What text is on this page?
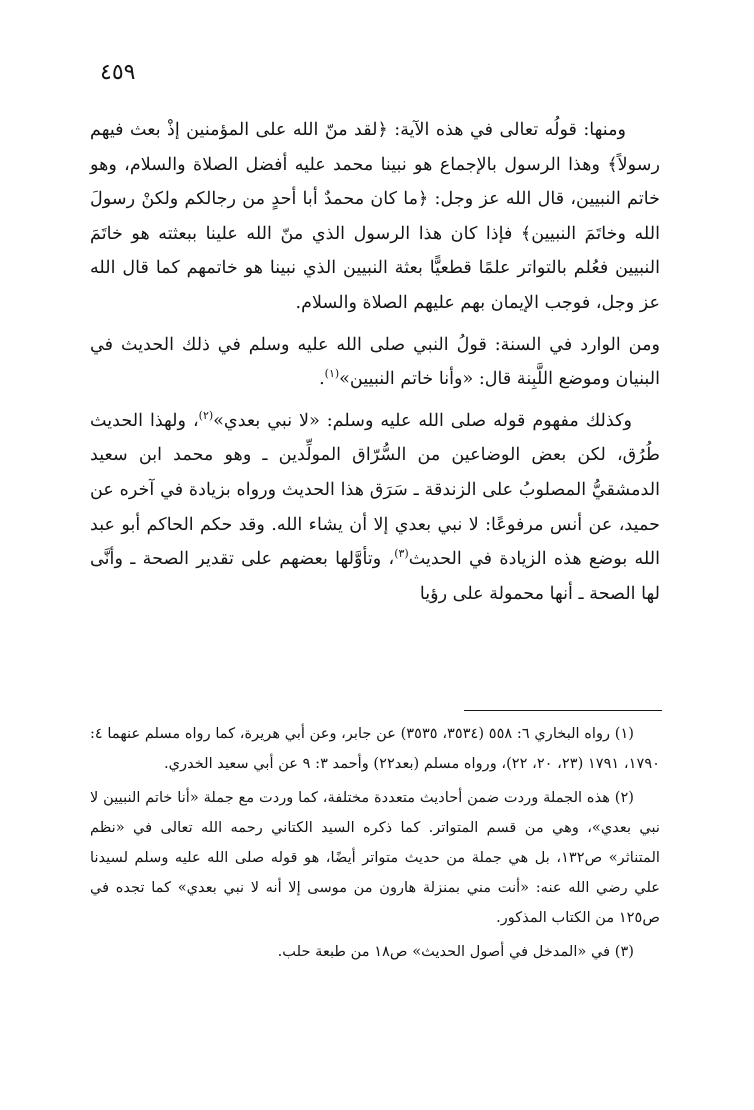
٤٥٩

ومنها: قولُه تعالى في هذه الآية: ﴿لقد منّ الله على المؤمنين إذْ بعث فيهم رسولاً﴾ وهذا الرسول بالإجماع هو نبينا محمد عليه أفضل الصلاة والسلام، وهو خاتم النبيين، قال الله عز وجل: ﴿ما كان محمدٌ أبا أحدٍ من رجالكم ولكنْ رسولَ الله وخاتَمَ النبيين﴾ فإذا كان هذا الرسول الذي منّ الله علينا ببعثته هو خاتَمَ النبيين فعُلم بالتواتر علمًا قطعيًّا بعثة النبيين الذي نبينا هو خاتمهم كما قال الله عز وجل، فوجب الإيمان بهم عليهم الصلاة والسلام.

ومن الوارد في السنة: قولُ النبي صلى الله عليه وسلم في ذلك الحديث في البنيان وموضع اللَّبِنة قال: «وأنا خاتم النبيين»$^{(١)}$.

وكذلك مفهوم قوله صلى الله عليه وسلم: «لا نبي بعدي»$^{(٢)}$، ولهذا الحديث طُرُق، لكن بعض الوضاعين من السُّرّاق المولِّدين ـ وهو محمد ابن سعيد الدمشقيُّ المصلوبُ على الزندقة ـ سَرَق هذا الحديث ورواه بزيادة في آخره عن حميد، عن أنس مرفوعًا: لا نبي بعدي إلا أن يشاء الله. وقد حكم الحاكم أبو عبد الله بوضع هذه الزيادة في الحديث$^{(٣)}$، وتأوَّلها بعضهم على تقدير الصحة ـ وأنَّى لها الصحة ـ أنها محمولة على رؤيا

(١) رواه البخاري ٦: ٥٥٨ (٣٥٣٤، ٣٥٣٥) عن جابر، وعن أبي هريرة، كما رواه مسلم عنهما ٤: ١٧٩٠، ١٧٩١ (٢٣، ٢٠، ٢٢)، ورواه مسلم (بعد٢٢) وأحمد ٣: ٩ عن أبي سعيد الخدري.

(٢) هذه الجملة وردت ضمن أحاديث متعددة مختلفة، كما وردت مع جملة «أنا خاتم النبيين لا نبي بعدي»، وهي من قسم المتواتر. كما ذكره السيد الكتاني رحمه الله تعالى في «نظم المتناثر» ص١٣٢، بل هي جملة من حديث متواتر أيضًا، هو قوله صلى الله عليه وسلم لسيدنا علي رضي الله عنه: «أنت مني بمنزلة هارون من موسى إلا أنه لا نبي بعدي» كما تجده في ص١٢٥ من الكتاب المذكور.

(٣) في «المدخل في أصول الحديث» ص١٨ من طبعة حلب.
